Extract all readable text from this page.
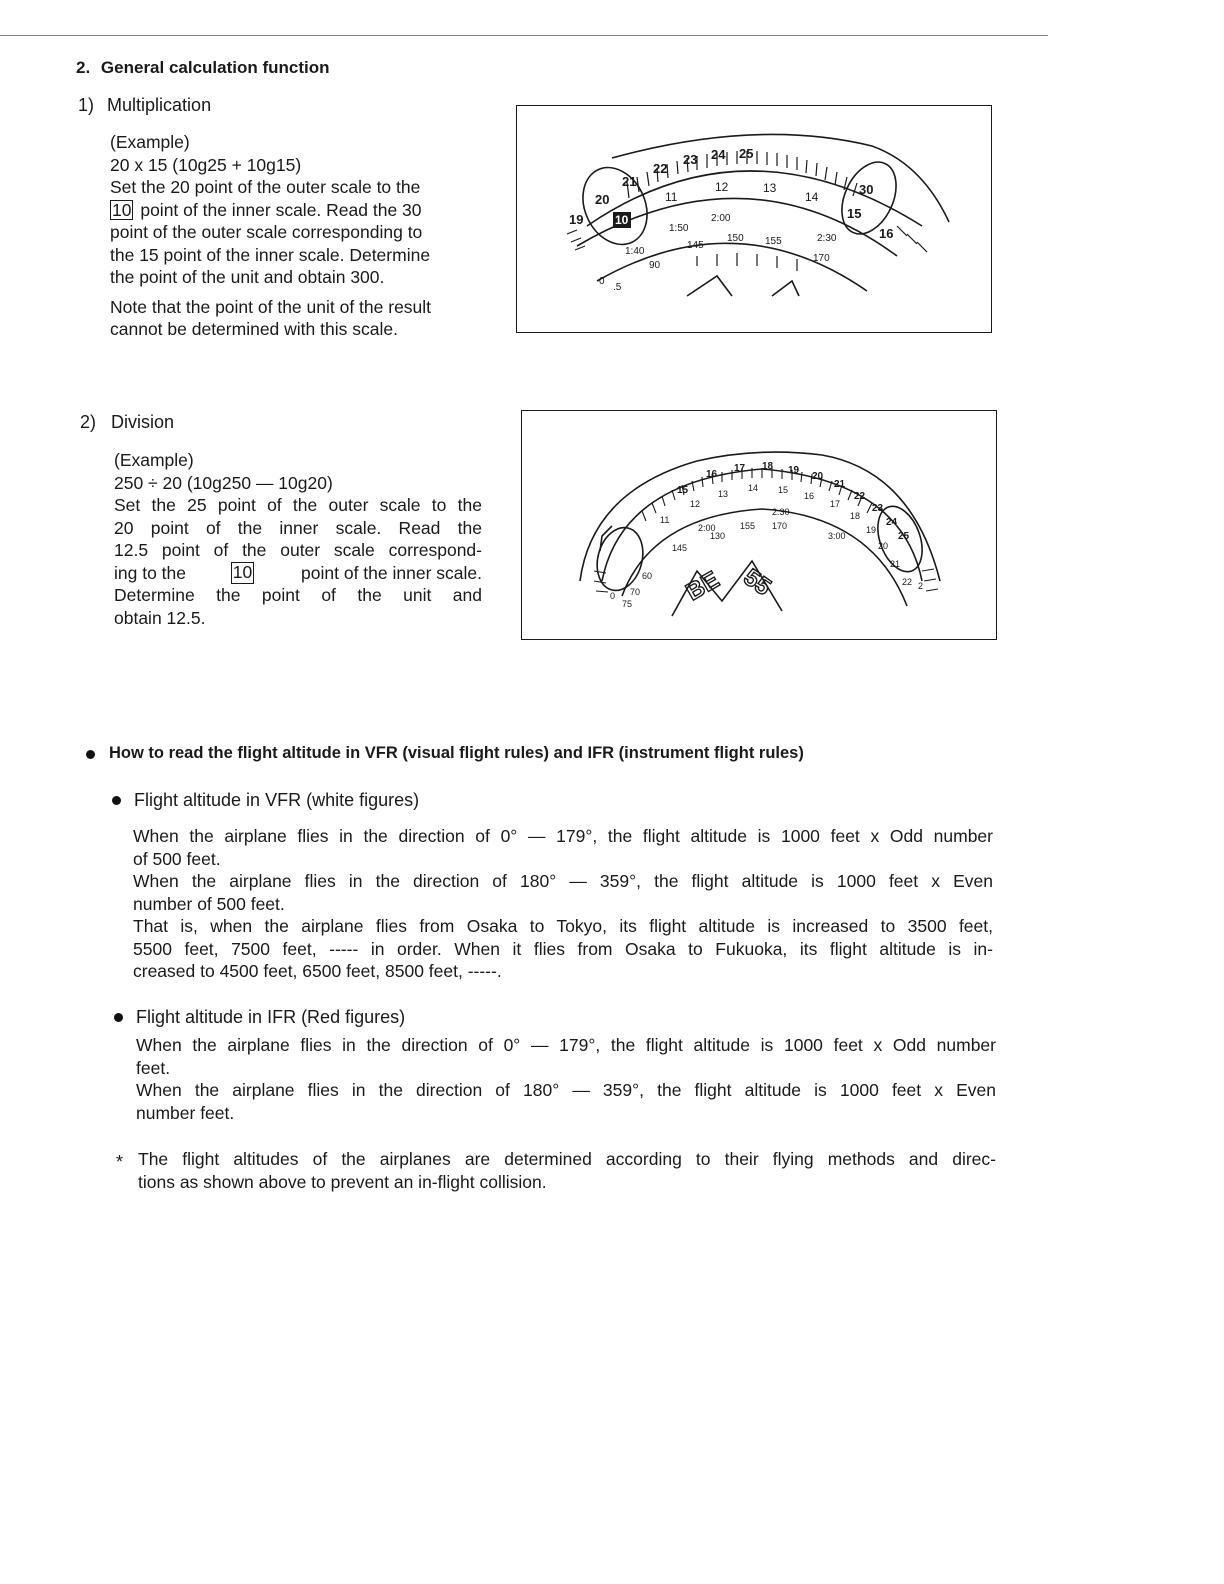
2. General calculation function
1) Multiplication

(Example)

20 x 15 (10g25 + 10g15)

Set the 20 point of the outer scale to the

10 point of the inner scale. Read the 30

point of the outer scale corresponding to

the 15 point of the inner scale. Determine

the point of the unit and obtain 300.

Note that the point of the unit of the result

cannot be determined with this scale.

19
20
21
22
23 24 25
30
15
16
10
11
12	13
14
1:40
1:50
2:00
2:30
90
145
150 155
170
0
.5
2) Division

(Example)

250 ÷ 20 (10g250 — 10g20)

Set the 25 point of the outer scale to the

20 point of the inner scale. Read the

12.5 point of the outer scale correspond-

ing to the	10	point of the inner scale.

Determine the point of the unit and

obtain 12.5.

15
16
17 18 19
20
21
22
23
24
25
11
12
13
14 15
16
17
18
19
20
21
22
2:00
2:30
3:00
130
145
155 170
60
70
75
0
2
BE 55
How to read the flight altitude in VFR (visual flight rules) and IFR (instrument flight rules)
Flight altitude in VFR (white figures)

When the airplane flies in the direction of 0° — 179°, the flight altitude is 1000 feet x Odd number

of 500 feet.

When the airplane flies in the direction of 180° — 359°, the flight altitude is 1000 feet x Even

number of 500 feet.

That is, when the airplane flies from Osaka to Tokyo, its flight altitude is increased to 3500 feet,

5500 feet, 7500 feet, ----- in order. When it flies from Osaka to Fukuoka, its flight altitude is in-

creased to 4500 feet, 6500 feet, 8500 feet, -----.

Flight altitude in IFR (Red figures)

When the airplane flies in the direction of 0° — 179°, the flight altitude is 1000 feet x Odd number

feet.

When the airplane flies in the direction of 180° — 359°, the flight altitude is 1000 feet x Even

number feet.

* The flight altitudes of the airplanes are determined according to their flying methods and direc-

tions as shown above to prevent an in-flight collision.
